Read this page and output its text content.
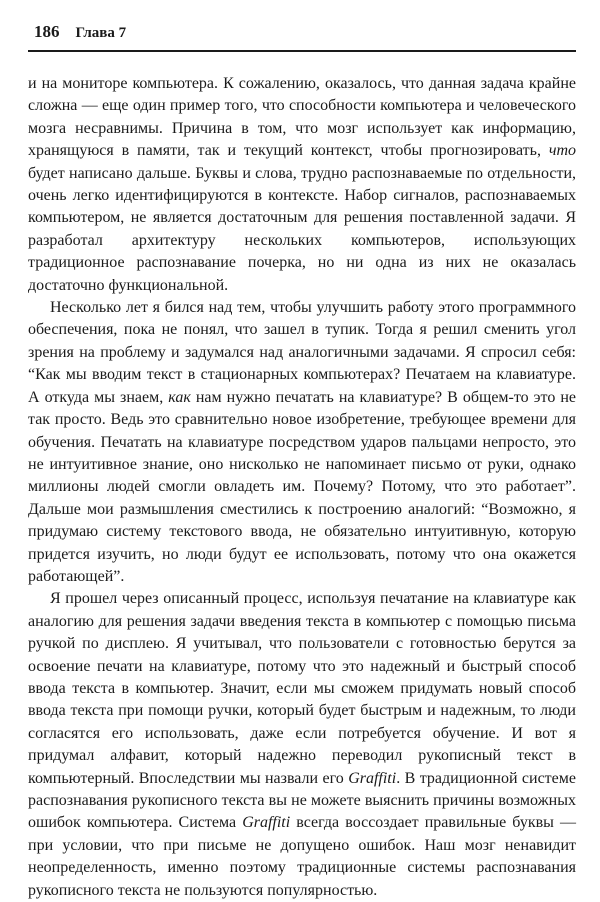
186 Глава 7

и на мониторе компьютера. К сожалению, оказалось, что данная задача крайне сложна — еще один пример того, что способности компьютера и человеческого мозга несравнимы. Причина в том, что мозг использует как информацию, хранящуюся в памяти, так и текущий контекст, чтобы прогнозировать, что будет написано дальше. Буквы и слова, трудно распознаваемые по отдельности, очень легко идентифицируются в контексте. Набор сигналов, распознаваемых компьютером, не является достаточным для решения поставленной задачи. Я разработал архитектуру нескольких компьютеров, использующих традиционное распознавание почерка, но ни одна из них не оказалась достаточно функциональной.

Несколько лет я бился над тем, чтобы улучшить работу этого программного обеспечения, пока не понял, что зашел в тупик. Тогда я решил сменить угол зрения на проблему и задумался над аналогичными задачами. Я спросил себя: “Как мы вводим текст в стационарных компьютерах? Печатаем на клавиатуре. А откуда мы знаем, как нам нужно печатать на клавиатуре? В общем-то это не так просто. Ведь это сравнительно новое изобретение, требующее времени для обучения. Печатать на клавиатуре посредством ударов пальцами непросто, это не интуитивное знание, оно нисколько не напоминает письмо от руки, однако миллионы людей смогли овладеть им. Почему? Потому, что это работает”. Дальше мои размышления сместились к построению аналогий: “Возможно, я придумаю систему текстового ввода, не обязательно интуитивную, которую придется изучить, но люди будут ее использовать, потому что она окажется работающей”.

Я прошел через описанный процесс, используя печатание на клавиатуре как аналогию для решения задачи введения текста в компьютер с помощью письма ручкой по дисплею. Я учитывал, что пользователи с готовностью берутся за освоение печати на клавиатуре, потому что это надежный и быстрый способ ввода текста в компьютер. Значит, если мы сможем придумать новый способ ввода текста при помощи ручки, который будет быстрым и надежным, то люди согласятся его использовать, даже если потребуется обучение. И вот я придумал алфавит, который надежно переводил рукописный текст в компьютерный. Впоследствии мы назвали его Graffiti. В традиционной системе распознавания рукописного текста вы не можете выяснить причины возможных ошибок компьютера. Система Graffiti всегда воссоздает правильные буквы — при условии, что при письме не допущено ошибок. Наш мозг ненавидит неопределенность, именно поэтому традиционные системы распознавания рукописного текста не пользуются популярностью.
